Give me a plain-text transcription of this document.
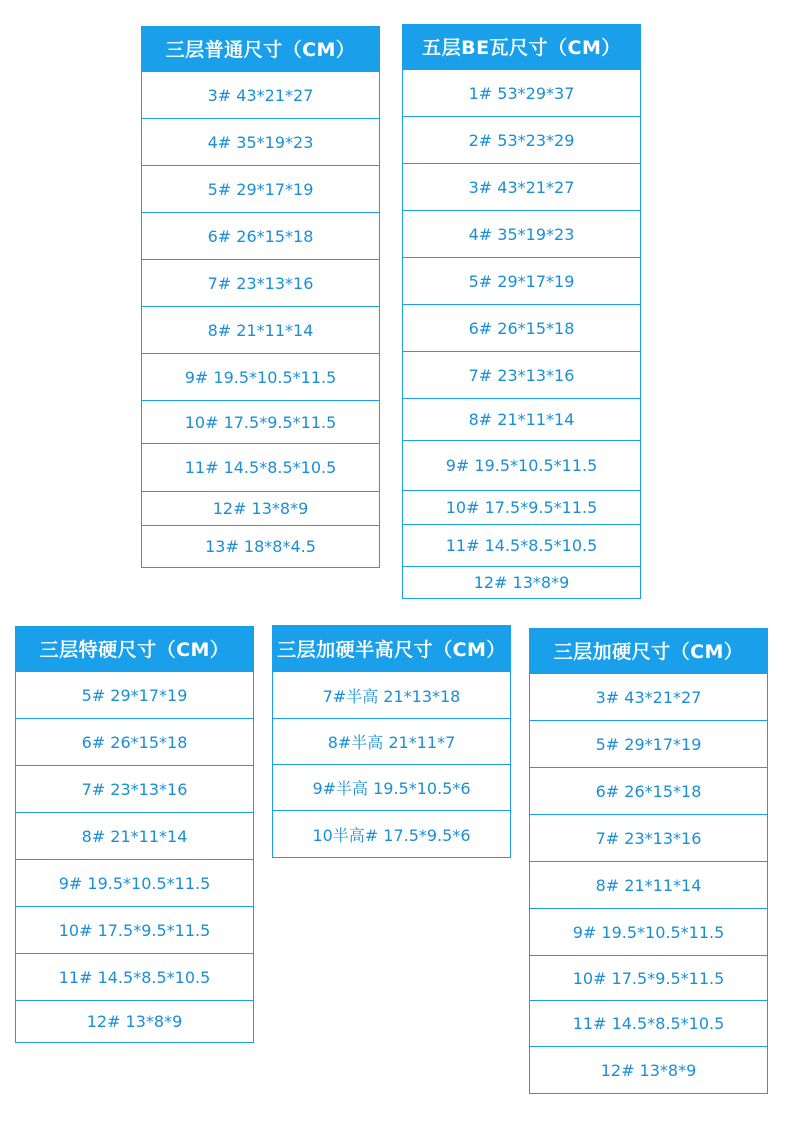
三层普通尺寸（CM）
3# 43*21*27
4# 35*19*23
5# 29*17*19
6# 26*15*18
7# 23*13*16
8# 21*11*14
9# 19.5*10.5*11.5
10# 17.5*9.5*11.5
11# 14.5*8.5*10.5
12# 13*8*9
13# 18*8*4.5
五层BE瓦尺寸（CM）
1# 53*29*37
2# 53*23*29
3# 43*21*27
4# 35*19*23
5# 29*17*19
6# 26*15*18
7# 23*13*16
8# 21*11*14
9# 19.5*10.5*11.5
10# 17.5*9.5*11.5
11# 14.5*8.5*10.5
12# 13*8*9
三层特硬尺寸（CM）
5# 29*17*19
6# 26*15*18
7# 23*13*16
8# 21*11*14
9# 19.5*10.5*11.5
10# 17.5*9.5*11.5
11# 14.5*8.5*10.5
12# 13*8*9
三层加硬半高尺寸（CM）
7#半高 21*13*18
8#半高 21*11*7
9#半高 19.5*10.5*6
10半高# 17.5*9.5*6
三层加硬尺寸（CM）
3# 43*21*27
5# 29*17*19
6# 26*15*18
7# 23*13*16
8# 21*11*14
9# 19.5*10.5*11.5
10# 17.5*9.5*11.5
11# 14.5*8.5*10.5
12# 13*8*9
